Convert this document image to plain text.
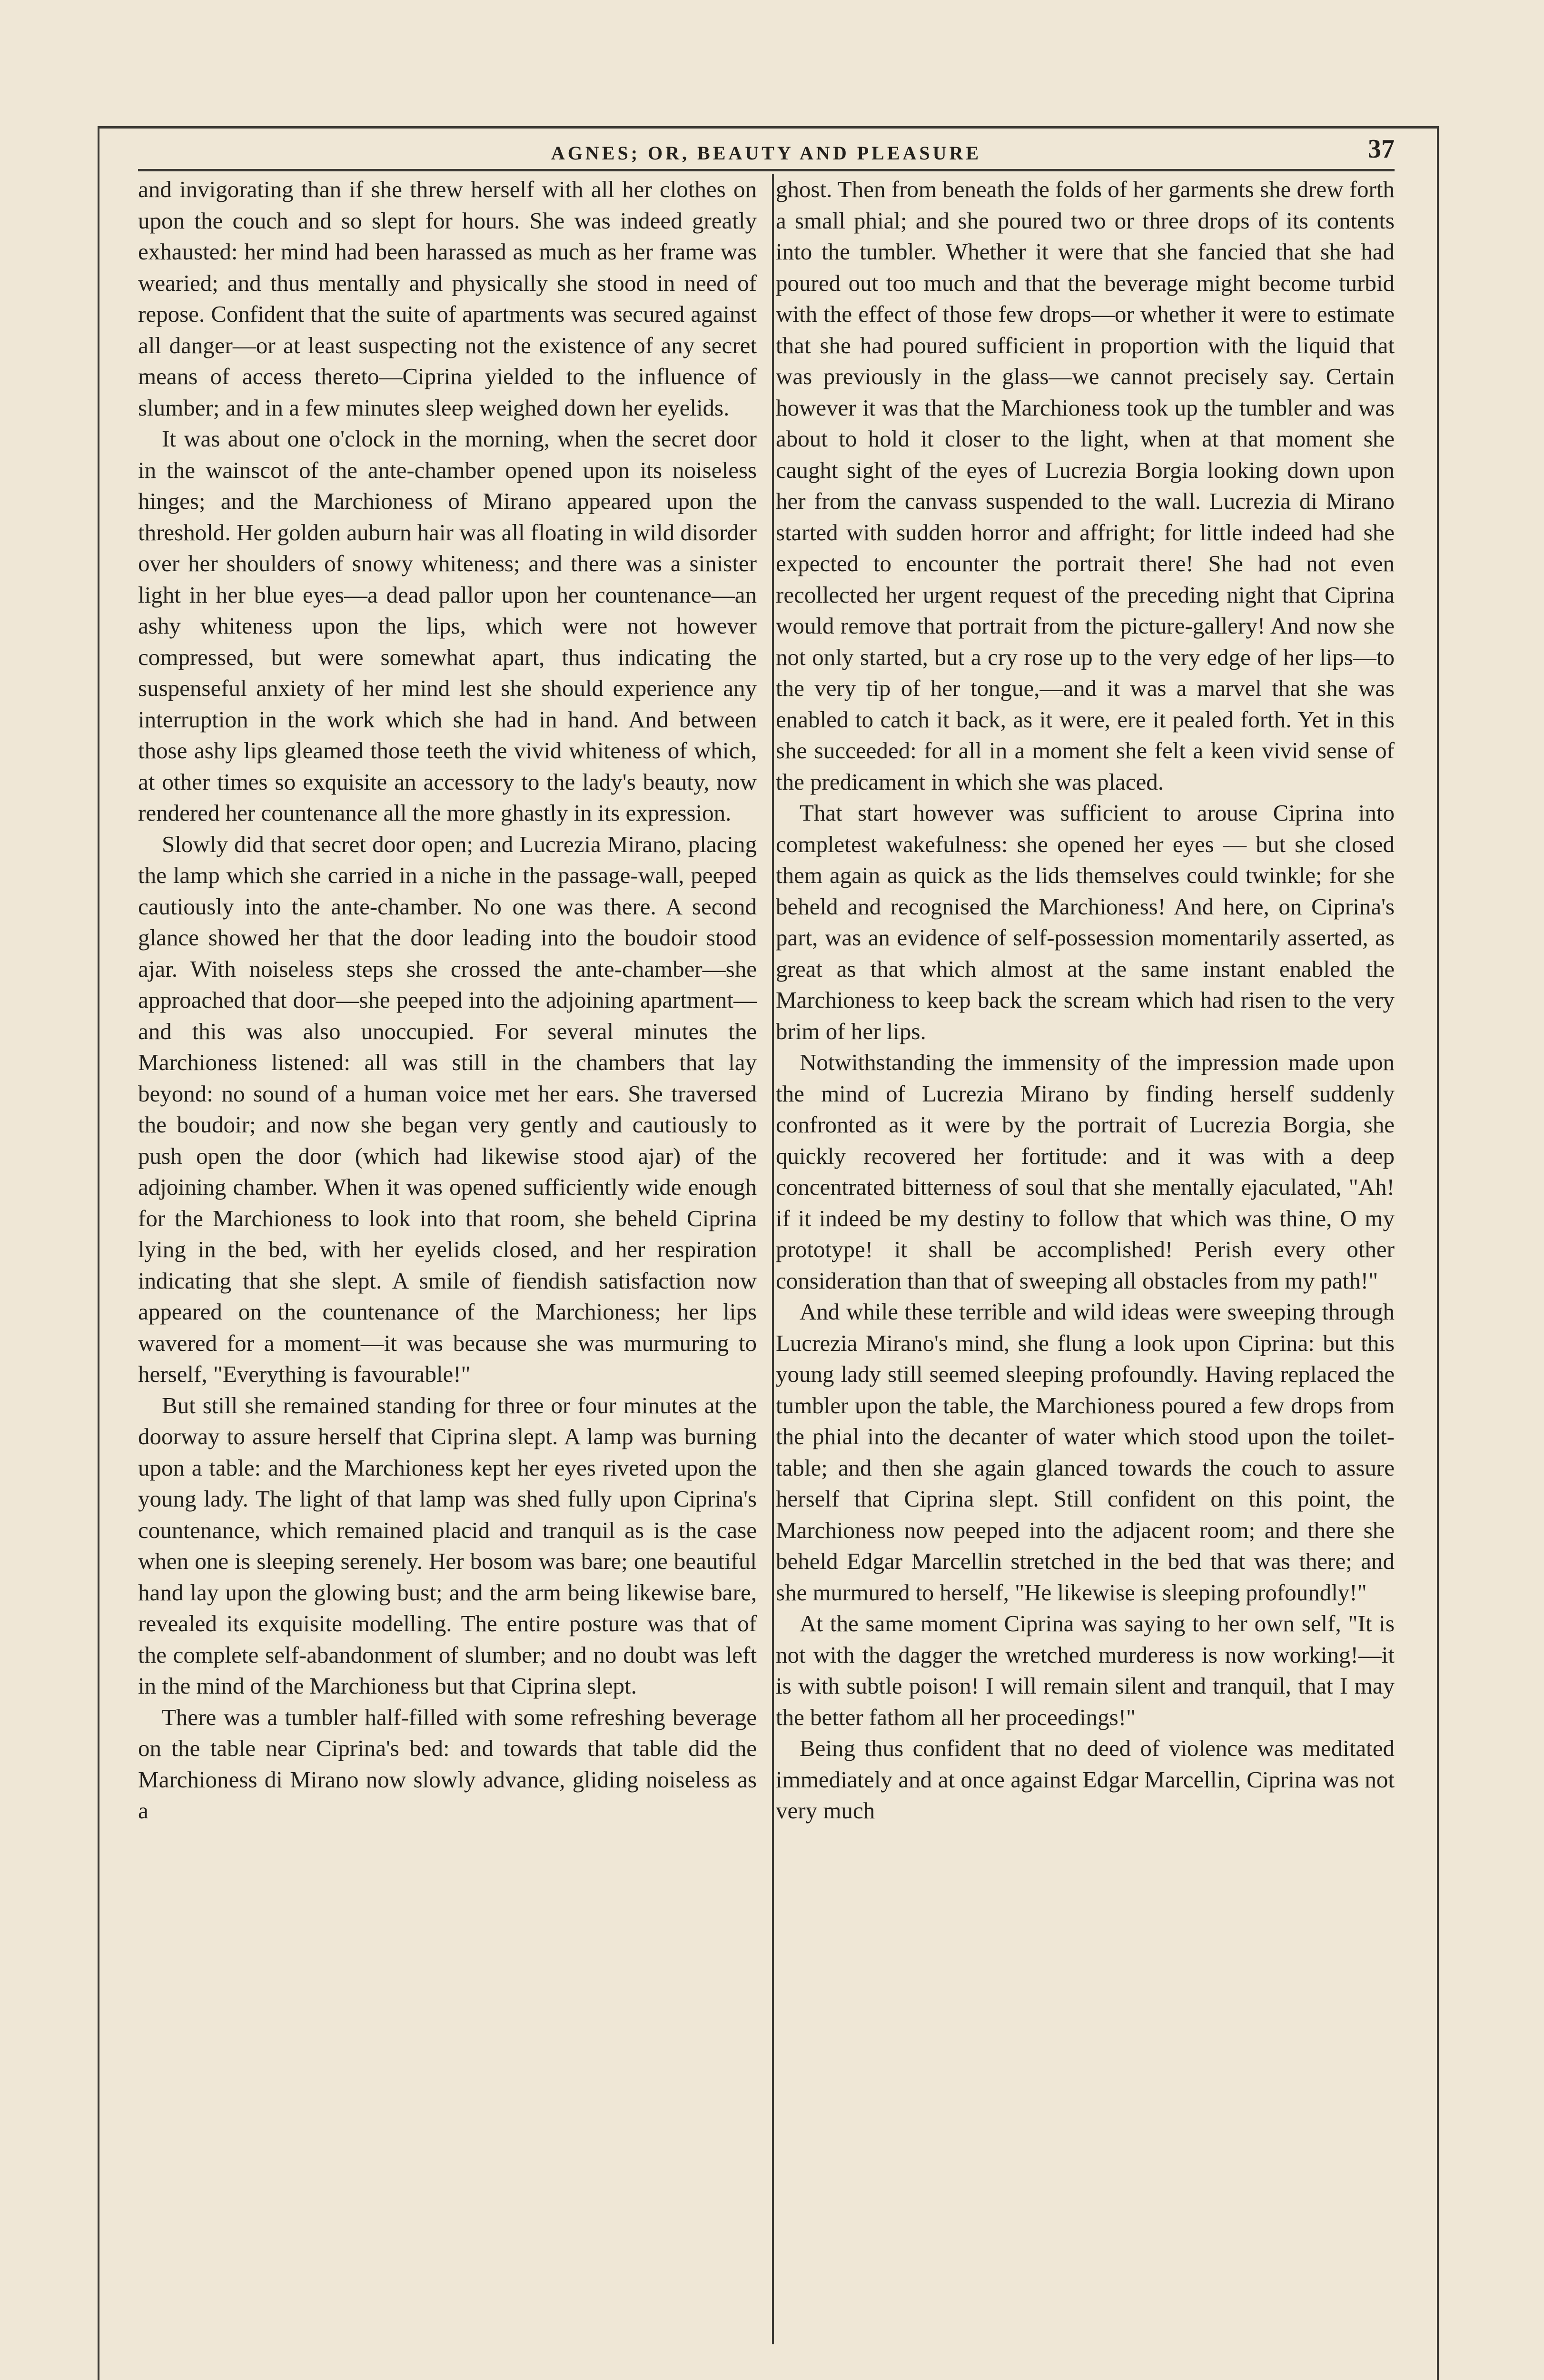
AGNES; OR, BEAUTY AND PLEASURE	37

and invigorating than if she threw herself with all her clothes on upon the couch and so slept for hours. She was indeed greatly exhausted: her mind had been harassed as much as her frame was wearied; and thus mentally and physically she stood in need of repose. Confident that the suite of apartments was secured against all danger—or at least suspecting not the existence of any secret means of access thereto—Ciprina yielded to the influence of slumber; and in a few minutes sleep weighed down her eyelids.

It was about one o'clock in the morning, when the secret door in the wainscot of the ante-chamber opened upon its noiseless hinges; and the Marchioness of Mirano appeared upon the threshold. Her golden auburn hair was all floating in wild disorder over her shoulders of snowy whiteness; and there was a sinister light in her blue eyes—a dead pallor upon her countenance—an ashy whiteness upon the lips, which were not however compressed, but were somewhat apart, thus indicating the suspenseful anxiety of her mind lest she should experience any interruption in the work which she had in hand. And between those ashy lips gleamed those teeth the vivid whiteness of which, at other times so exquisite an accessory to the lady's beauty, now rendered her countenance all the more ghastly in its expression.

Slowly did that secret door open; and Lucrezia Mirano, placing the lamp which she carried in a niche in the passage-wall, peeped cautiously into the ante-chamber. No one was there. A second glance showed her that the door leading into the boudoir stood ajar. With noiseless steps she crossed the ante-chamber—she approached that door—she peeped into the adjoining apartment—and this was also unoccupied. For several minutes the Marchioness listened: all was still in the chambers that lay beyond: no sound of a human voice met her ears. She traversed the boudoir; and now she began very gently and cautiously to push open the door (which had likewise stood ajar) of the adjoining chamber. When it was opened sufficiently wide enough for the Marchioness to look into that room, she beheld Ciprina lying in the bed, with her eyelids closed, and her respiration indicating that she slept. A smile of fiendish satisfaction now appeared on the countenance of the Marchioness; her lips wavered for a moment—it was because she was murmuring to herself, "Everything is favourable!"

But still she remained standing for three or four minutes at the doorway to assure herself that Ciprina slept. A lamp was burning upon a table: and the Marchioness kept her eyes riveted upon the young lady. The light of that lamp was shed fully upon Ciprina's countenance, which remained placid and tranquil as is the case when one is sleeping serenely. Her bosom was bare; one beautiful hand lay upon the glowing bust; and the arm being likewise bare, revealed its exquisite modelling. The entire posture was that of the complete self-abandonment of slumber; and no doubt was left in the mind of the Marchioness but that Ciprina slept.

There was a tumbler half-filled with some refreshing beverage on the table near Ciprina's bed: and towards that table did the Marchioness di Mirano now slowly advance, gliding noiseless as a

ghost. Then from beneath the folds of her garments she drew forth a small phial; and she poured two or three drops of its contents into the tumbler. Whether it were that she fancied that she had poured out too much and that the beverage might become turbid with the effect of those few drops—or whether it were to estimate that she had poured sufficient in proportion with the liquid that was previously in the glass—we cannot precisely say. Certain however it was that the Marchioness took up the tumbler and was about to hold it closer to the light, when at that moment she caught sight of the eyes of Lucrezia Borgia looking down upon her from the canvass suspended to the wall. Lucrezia di Mirano started with sudden horror and affright; for little indeed had she expected to encounter the portrait there! She had not even recollected her urgent request of the preceding night that Ciprina would remove that portrait from the picture-gallery! And now she not only started, but a cry rose up to the very edge of her lips—to the very tip of her tongue,—and it was a marvel that she was enabled to catch it back, as it were, ere it pealed forth. Yet in this she succeeded: for all in a moment she felt a keen vivid sense of the predicament in which she was placed.

That start however was sufficient to arouse Ciprina into completest wakefulness: she opened her eyes — but she closed them again as quick as the lids themselves could twinkle; for she beheld and recognised the Marchioness! And here, on Ciprina's part, was an evidence of self-possession momentarily asserted, as great as that which almost at the same instant enabled the Marchioness to keep back the scream which had risen to the very brim of her lips.

Notwithstanding the immensity of the impression made upon the mind of Lucrezia Mirano by finding herself suddenly confronted as it were by the portrait of Lucrezia Borgia, she quickly recovered her fortitude: and it was with a deep concentrated bitterness of soul that she mentally ejaculated, "Ah! if it indeed be my destiny to follow that which was thine, O my prototype! it shall be accomplished! Perish every other consideration than that of sweeping all obstacles from my path!"

And while these terrible and wild ideas were sweeping through Lucrezia Mirano's mind, she flung a look upon Ciprina: but this young lady still seemed sleeping profoundly. Having replaced the tumbler upon the table, the Marchioness poured a few drops from the phial into the decanter of water which stood upon the toilet-table; and then she again glanced towards the couch to assure herself that Ciprina slept. Still confident on this point, the Marchioness now peeped into the adjacent room; and there she beheld Edgar Marcellin stretched in the bed that was there; and she murmured to herself, "He likewise is sleeping profoundly!"

At the same moment Ciprina was saying to her own self, "It is not with the dagger the wretched murderess is now working!—it is with subtle poison! I will remain silent and tranquil, that I may the better fathom all her proceedings!"

Being thus confident that no deed of violence was meditated immediately and at once against Edgar Marcellin, Ciprina was not very much
